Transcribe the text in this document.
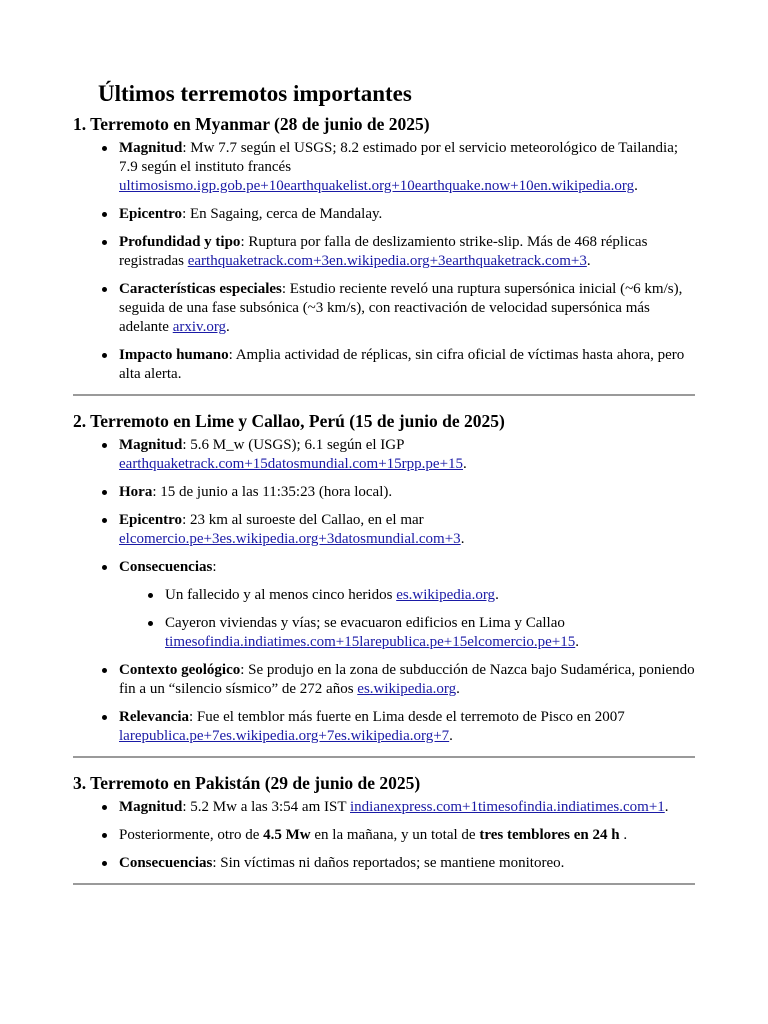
Últimos terremotos importantes
1. Terremoto en Myanmar (28 de junio de 2025)
Magnitud: Mw 7.7 según el USGS; 8.2 estimado por el servicio meteorológico de Tailandia; 7.9 según el instituto francés ultimosismo.igp.gob.pe+10earthquakelist.org+10earthquake.now+10en.wikipedia.org.
Epicentro: En Sagaing, cerca de Mandalay.
Profundidad y tipo: Ruptura por falla de deslizamiento strike-slip. Más de 468 réplicas registradas earthquaketrack.com+3en.wikipedia.org+3earthquaketrack.com+3.
Características especiales: Estudio reciente reveló una ruptura supersónica inicial (~6 km/s), seguida de una fase subsónica (~3 km/s), con reactivación de velocidad supersónica más adelante arxiv.org.
Impacto humano: Amplia actividad de réplicas, sin cifra oficial de víctimas hasta ahora, pero alta alerta.
2. Terremoto en Lime y Callao, Perú (15 de junio de 2025)
Magnitud: 5.6 M_w (USGS); 6.1 según el IGP earthquaketrack.com+15datosmundial.com+15rpp.pe+15.
Hora: 15 de junio a las 11:35:23 (hora local).
Epicentro: 23 km al suroeste del Callao, en el mar elcomercio.pe+3es.wikipedia.org+3datosmundial.com+3.
Consecuencias:
Un fallecido y al menos cinco heridos es.wikipedia.org.
Cayeron viviendas y vías; se evacuaron edificios en Lima y Callao timesofindia.indiatimes.com+15larepublica.pe+15elcomercio.pe+15.
Contexto geológico: Se produjo en la zona de subducción de Nazca bajo Sudamérica, poniendo fin a un “silencio sísmico” de 272 años es.wikipedia.org.
Relevancia: Fue el temblor más fuerte en Lima desde el terremoto de Pisco en 2007 larepublica.pe+7es.wikipedia.org+7es.wikipedia.org+7.
3. Terremoto en Pakistán (29 de junio de 2025)
Magnitud: 5.2 Mw a las 3:54 am IST indianexpress.com+1timesofindia.indiatimes.com+1.
Posteriormente, otro de 4.5 Mw en la mañana, y un total de tres temblores en 24 h .
Consecuencias: Sin víctimas ni daños reportados; se mantiene monitoreo.
